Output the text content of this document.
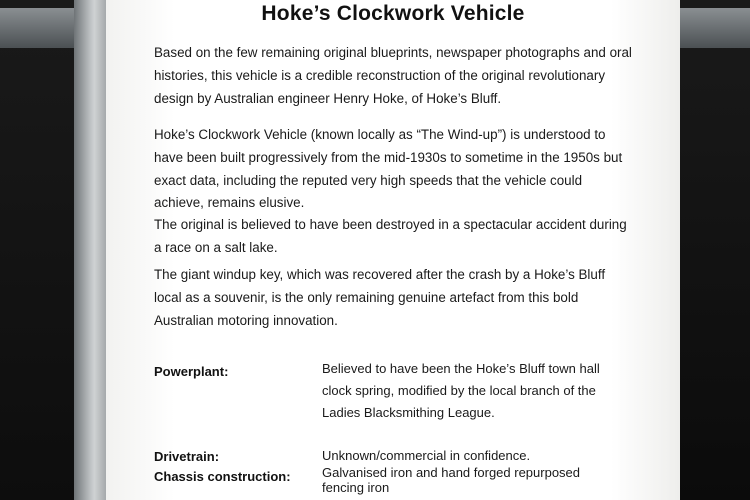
Hoke’s Clockwork Vehicle
Based on the few remaining original blueprints, newspaper photographs and oral histories, this vehicle is a credible reconstruction of the original revolutionary design by Australian engineer Henry Hoke, of Hoke’s Bluff.
Hoke’s Clockwork Vehicle (known locally as “The Wind-up”) is understood to have been built progressively from the mid-1930s to sometime in the 1950s but exact data, including the reputed very high speeds that the vehicle could achieve, remains elusive.
The original is believed to have been destroyed in a spectacular accident during a race on a salt lake.
The giant windup key, which was recovered after the crash by a Hoke’s Bluff local as a souvenir, is the only remaining genuine artefact from this bold Australian motoring innovation.
Powerplant:	Believed to have been the Hoke’s Bluff town hall clock spring, modified by the local branch of the Ladies Blacksmithing League.
Drivetrain:	Unknown/commercial in confidence.
Chassis construction: Galvanised iron and hand forged repurposed fencing iron
